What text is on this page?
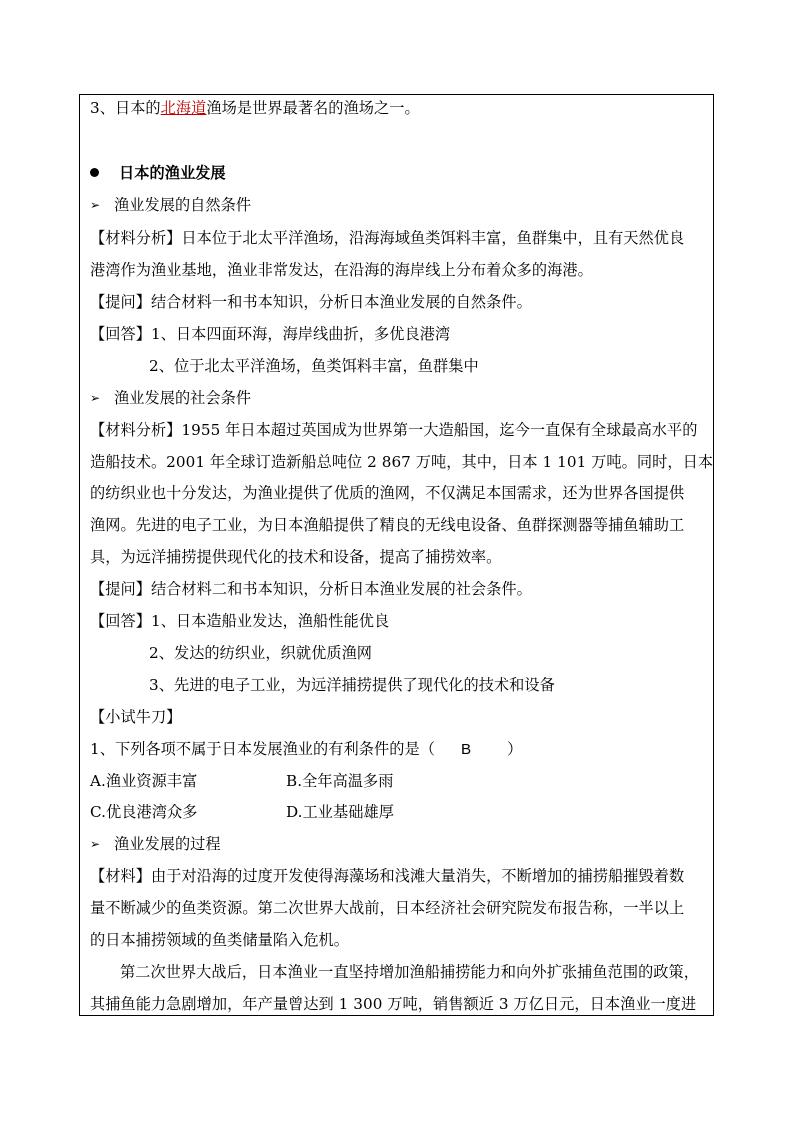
3、日本的北海道渔场是世界最著名的渔场之一。
日本的渔业发展
➢ 渔业发展的自然条件
【材料分析】日本位于北太平洋渔场，沿海海域鱼类饵料丰富，鱼群集中，且有天然优良
港湾作为渔业基地，渔业非常发达，在沿海的海岸线上分布着众多的海港。
【提问】结合材料一和书本知识，分析日本渔业发展的自然条件。
【回答】1、日本四面环海，海岸线曲折，多优良港湾
2、位于北太平洋渔场，鱼类饵料丰富，鱼群集中
➢ 渔业发展的社会条件
【材料分析】1955 年日本超过英国成为世界第一大造船国，迄今一直保有全球最高水平的
造船技术。2001 年全球订造新船总吨位 2 867 万吨，其中，日本 1 101 万吨。同时，日本
的纺织业也十分发达，为渔业提供了优质的渔网，不仅满足本国需求，还为世界各国提供
渔网。先进的电子工业，为日本渔船提供了精良的无线电设备、鱼群探测器等捕鱼辅助工
具，为远洋捕捞提供现代化的技术和设备，提高了捕捞效率。
【提问】结合材料二和书本知识，分析日本渔业发展的社会条件。
【回答】1、日本造船业发达，渔船性能优良
2、发达的纺织业，织就优质渔网
3、先进的电子工业，为远洋捕捞提供了现代化的技术和设备
【小试牛刀】
1、下列各项不属于日本发展渔业的有利条件的是（ B ）
A.渔业资源丰富	B.全年高温多雨
C.优良港湾众多	D.工业基础雄厚
➢ 渔业发展的过程
【材料】由于对沿海的过度开发使得海藻场和浅滩大量消失，不断增加的捕捞船摧毁着数
量不断减少的鱼类资源。第二次世界大战前，日本经济社会研究院发布报告称，一半以上
的日本捕捞领域的鱼类储量陷入危机。
第二次世界大战后，日本渔业一直坚持增加渔船捕捞能力和向外扩张捕鱼范围的政策，
其捕鱼能力急剧增加，年产量曾达到 1 300 万吨，销售额近 3 万亿日元，日本渔业一度进
